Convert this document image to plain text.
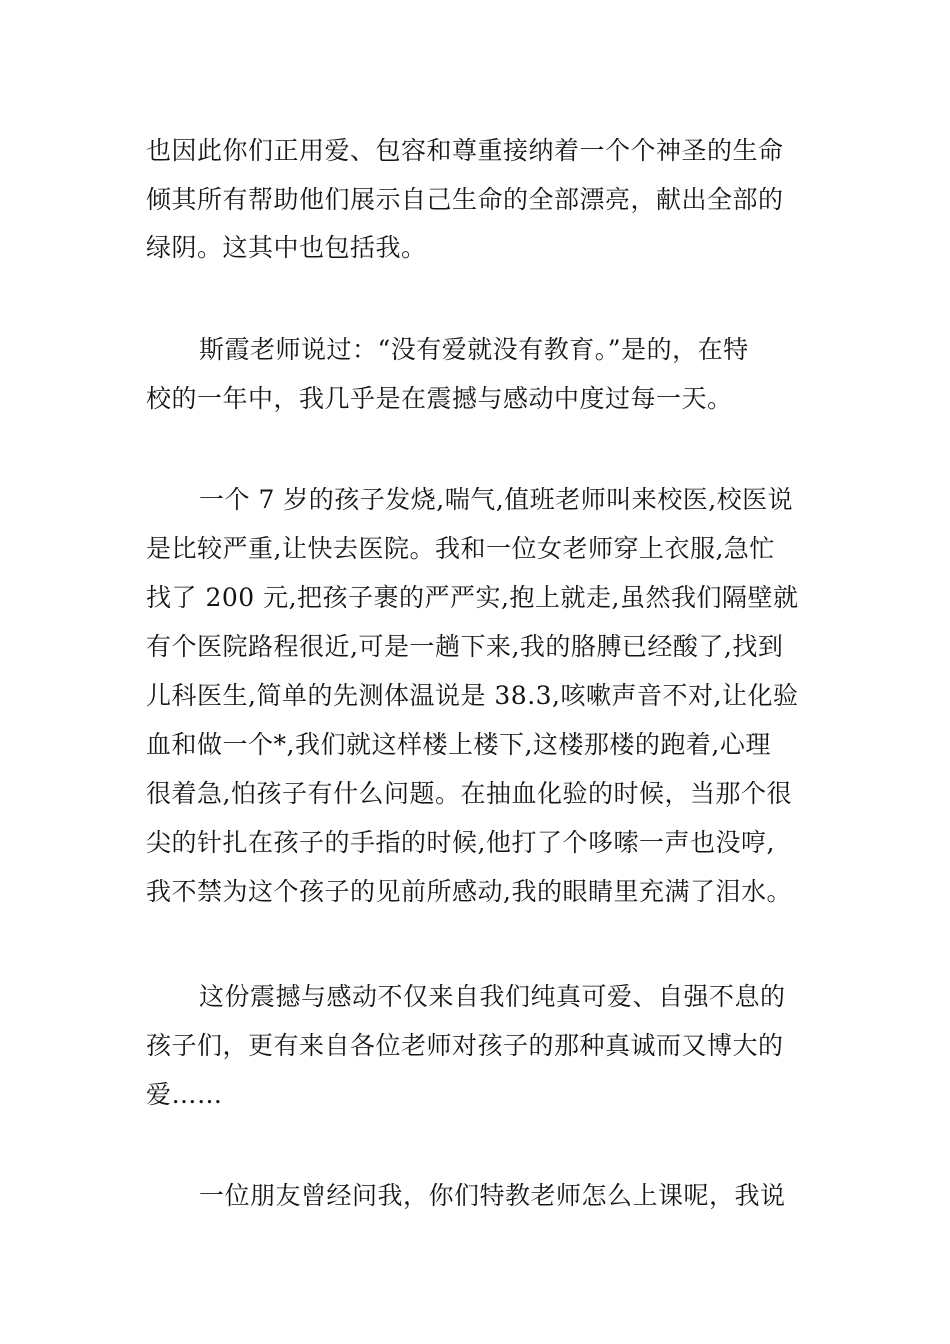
也因此你们正用爱、包容和尊重接纳着一个个神圣的生命
倾其所有帮助他们展示自己生命的全部漂亮，献出全部的
绿阴。这其中也包括我。
斯霞老师说过：“没有爱就没有教育。”是的，在特
校的一年中，我几乎是在震撼与感动中度过每一天。
一个 7 岁的孩子发烧,喘气,值班老师叫来校医,校医说
是比较严重,让快去医院。我和一位女老师穿上衣服,急忙
找了 200 元,把孩子裹的严严实,抱上就走,虽然我们隔壁就
有个医院路程很近,可是一趟下来,我的胳膊已经酸了,找到
儿科医生,简单的先测体温说是 38.3,咳嗽声音不对,让化验
血和做一个*,我们就这样楼上楼下,这楼那楼的跑着,心理
很着急,怕孩子有什么问题。在抽血化验的时候，当那个很
尖的针扎在孩子的手指的时候,他打了个哆嗦一声也没哼,
我不禁为这个孩子的见前所感动,我的眼睛里充满了泪水。
这份震撼与感动不仅来自我们纯真可爱、自强不息的
孩子们，更有来自各位老师对孩子的那种真诚而又博大的
爱……
一位朋友曾经问我，你们特教老师怎么上课呢，我说
